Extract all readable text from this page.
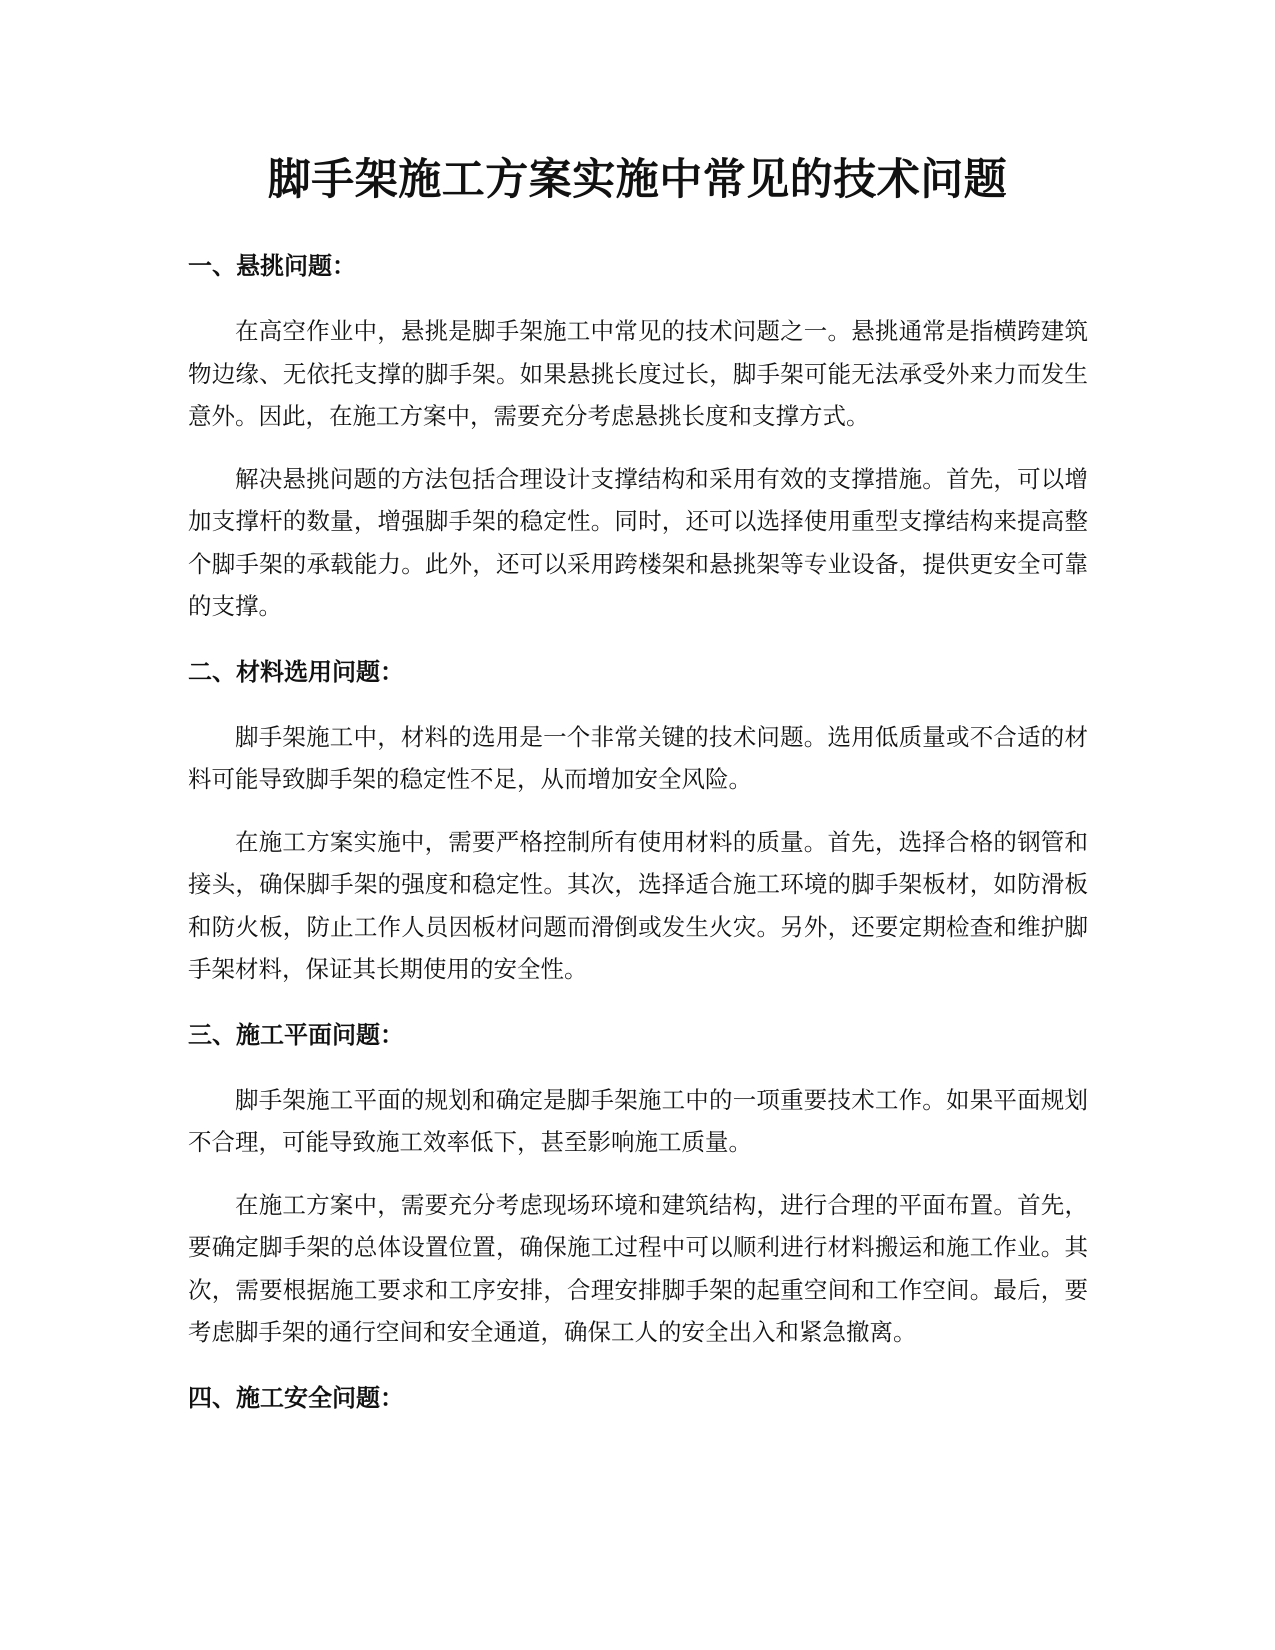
脚手架施工方案实施中常见的技术问题
一、悬挑问题：

在高空作业中，悬挑是脚手架施工中常见的技术问题之一。悬挑通常是指横跨建筑物边缘、无依托支撑的脚手架。如果悬挑长度过长，脚手架可能无法承受外来力而发生意外。因此，在施工方案中，需要充分考虑悬挑长度和支撑方式。

解决悬挑问题的方法包括合理设计支撑结构和采用有效的支撑措施。首先，可以增加支撑杆的数量，增强脚手架的稳定性。同时，还可以选择使用重型支撑结构来提高整个脚手架的承载能力。此外，还可以采用跨楼架和悬挑架等专业设备，提供更安全可靠的支撑。

二、材料选用问题：

脚手架施工中，材料的选用是一个非常关键的技术问题。选用低质量或不合适的材料可能导致脚手架的稳定性不足，从而增加安全风险。

在施工方案实施中，需要严格控制所有使用材料的质量。首先，选择合格的钢管和接头，确保脚手架的强度和稳定性。其次，选择适合施工环境的脚手架板材，如防滑板和防火板，防止工作人员因板材问题而滑倒或发生火灾。另外，还要定期检查和维护脚手架材料，保证其长期使用的安全性。

三、施工平面问题：

脚手架施工平面的规划和确定是脚手架施工中的一项重要技术工作。如果平面规划不合理，可能导致施工效率低下，甚至影响施工质量。

在施工方案中，需要充分考虑现场环境和建筑结构，进行合理的平面布置。首先，要确定脚手架的总体设置位置，确保施工过程中可以顺利进行材料搬运和施工作业。其次，需要根据施工要求和工序安排，合理安排脚手架的起重空间和工作空间。最后，要考虑脚手架的通行空间和安全通道，确保工人的安全出入和紧急撤离。

四、施工安全问题：
